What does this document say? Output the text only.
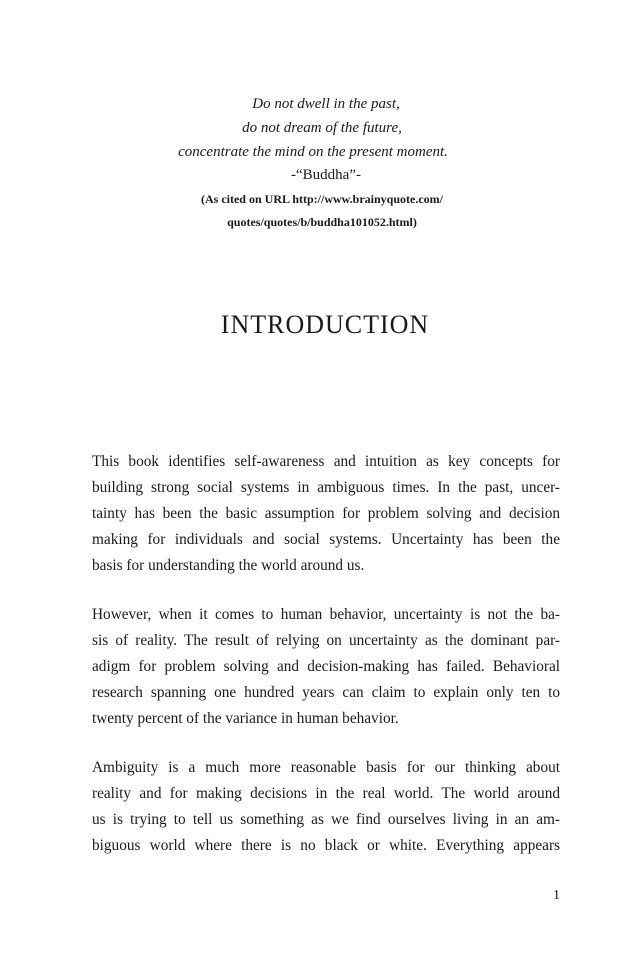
Do not dwell in the past,

do not dream of the future,

concentrate the mind on the present moment.

-“Buddha”-

(As cited on URL http://www.brainyquote.com/

quotes/quotes/b/buddha101052.html)

INTRODUCTION

This book identifies self-awareness and intuition as key concepts for
building strong social systems in ambiguous times. In the past, uncer-
tainty has been the basic assumption for problem solving and decision
making for individuals and social systems. Uncertainty has been the
basis for understanding the world around us.

However, when it comes to human behavior, uncertainty is not the ba-
sis of reality. The result of relying on uncertainty as the dominant par-
adigm for problem solving and decision-making has failed. Behavioral
research spanning one hundred years can claim to explain only ten to
twenty percent of the variance in human behavior.

Ambiguity is a much more reasonable basis for our thinking about
reality and for making decisions in the real world. The world around
us is trying to tell us something as we find ourselves living in an am-
biguous world where there is no black or white. Everything appears

1
